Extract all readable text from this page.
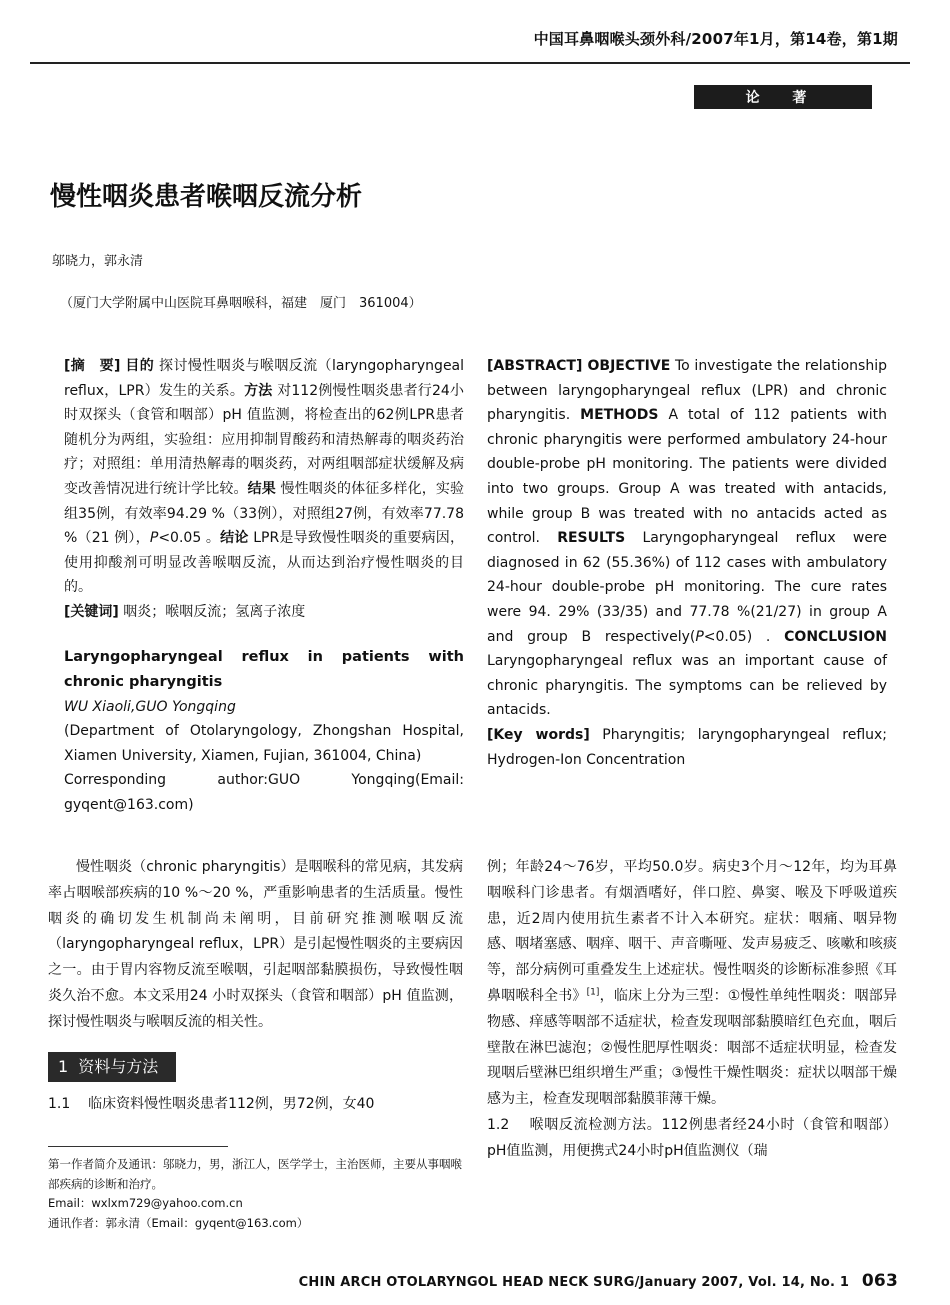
中国耳鼻咽喉头颈外科/2007年1月，第14卷，第1期
论 著
慢性咽炎患者喉咽反流分析
邬晓力，郭永清
（厦门大学附属中山医院耳鼻咽喉科，福建　厦门　361004）

[摘　要] 目的 探讨慢性咽炎与喉咽反流（laryngopharyngeal reflux，LPR）发生的关系。方法 对112例慢性咽炎患者行24小时双探头（食管和咽部）pH 值监测，将检查出的62例LPR患者随机分为两组，实验组：应用抑制胃酸药和清热解毒的咽炎药治疗；对照组：单用清热解毒的咽炎药，对两组咽部症状缓解及病变改善情况进行统计学比较。结果 慢性咽炎的体征多样化，实验组35例，有效率94.29 %（33例），对照组27例，有效率77.78 %（21 例），P<0.05 。结论 LPR是导致慢性咽炎的重要病因，使用抑酸剂可明显改善喉咽反流，从而达到治疗慢性咽炎的目的。

[关键词] 咽炎；喉咽反流；氢离子浓度

Laryngopharyngeal reflux in patients with chronic pharyngitis

WU Xiaoli,GUO Yongqing

(Department of Otolaryngology, Zhongshan Hospital, Xiamen University, Xiamen, Fujian, 361004, China)

Corresponding author:GUO Yongqing(Email: gyqent@163.com)

[ABSTRACT] OBJECTIVE To investigate the relationship between laryngopharyngeal reflux (LPR) and chronic pharyngitis. METHODS A total of 112 patients with chronic pharyngitis were performed ambulatory 24-hour double-probe pH monitoring. The patients were divided into two groups. Group A was treated with antacids, while group B was treated with no antacids acted as control. RESULTS Laryngopharyngeal reflux were diagnosed in 62 (55.36%) of 112 cases with ambulatory 24-hour double-probe pH monitoring. The cure rates were 94. 29% (33/35) and 77.78 %(21/27) in group A and group B respectively(P<0.05) . CONCLUSION Laryngopharyngeal reflux was an important cause of chronic pharyngitis. The symptoms can be relieved by antacids.

[Key words] Pharyngitis; laryngopharyngeal reflux; Hydrogen-Ion Concentration

慢性咽炎（chronic pharyngitis）是咽喉科的常见病，其发病率占咽喉部疾病的10 %～20 %，严重影响患者的生活质量。慢性咽炎的确切发生机制尚未阐明，目前研究推测喉咽反流（laryngopharyngeal reflux，LPR）是引起慢性咽炎的主要病因之一。由于胃内容物反流至喉咽，引起咽部黏膜损伤，导致慢性咽炎久治不愈。本文采用24 小时双探头（食管和咽部）pH 值监测，探讨慢性咽炎与喉咽反流的相关性。

1 资料与方法

1.1 临床资料慢性咽炎患者112例，男72例，女40

例；年龄24～76岁，平均50.0岁。病史3个月～12年，均为耳鼻咽喉科门诊患者。有烟酒嗜好，伴口腔、鼻窦、喉及下呼吸道疾患，近2周内使用抗生素者不计入本研究。症状：咽痛、咽异物感、咽堵塞感、咽痒、咽干、声音嘶哑、发声易疲乏、咳嗽和咳痰等，部分病例可重叠发生上述症状。慢性咽炎的诊断标准参照《耳鼻咽喉科全书》[1]，临床上分为三型：①慢性单纯性咽炎：咽部异物感、痒感等咽部不适症状，检查发现咽部黏膜暗红色充血，咽后壁散在淋巴滤泡；②慢性肥厚性咽炎：咽部不适症状明显，检查发现咽后壁淋巴组织增生严重；③慢性干燥性咽炎：症状以咽部干燥感为主，检查发现咽部黏膜菲薄干燥。

1.2 喉咽反流检测方法。112例患者经24小时（食管和咽部）pH值监测，用便携式24小时pH值监测仪（瑞

第一作者简介及通讯：邬晓力，男，浙江人，医学学士，主治医师，主要从事咽喉部疾病的诊断和治疗。

Email：wxlxm729@yahoo.com.cn

通讯作者：郭永清（Email：gyqent@163.com）

CHIN ARCH OTOLARYNGOL HEAD NECK SURG/January 2007, Vol. 14, No. 1 063
